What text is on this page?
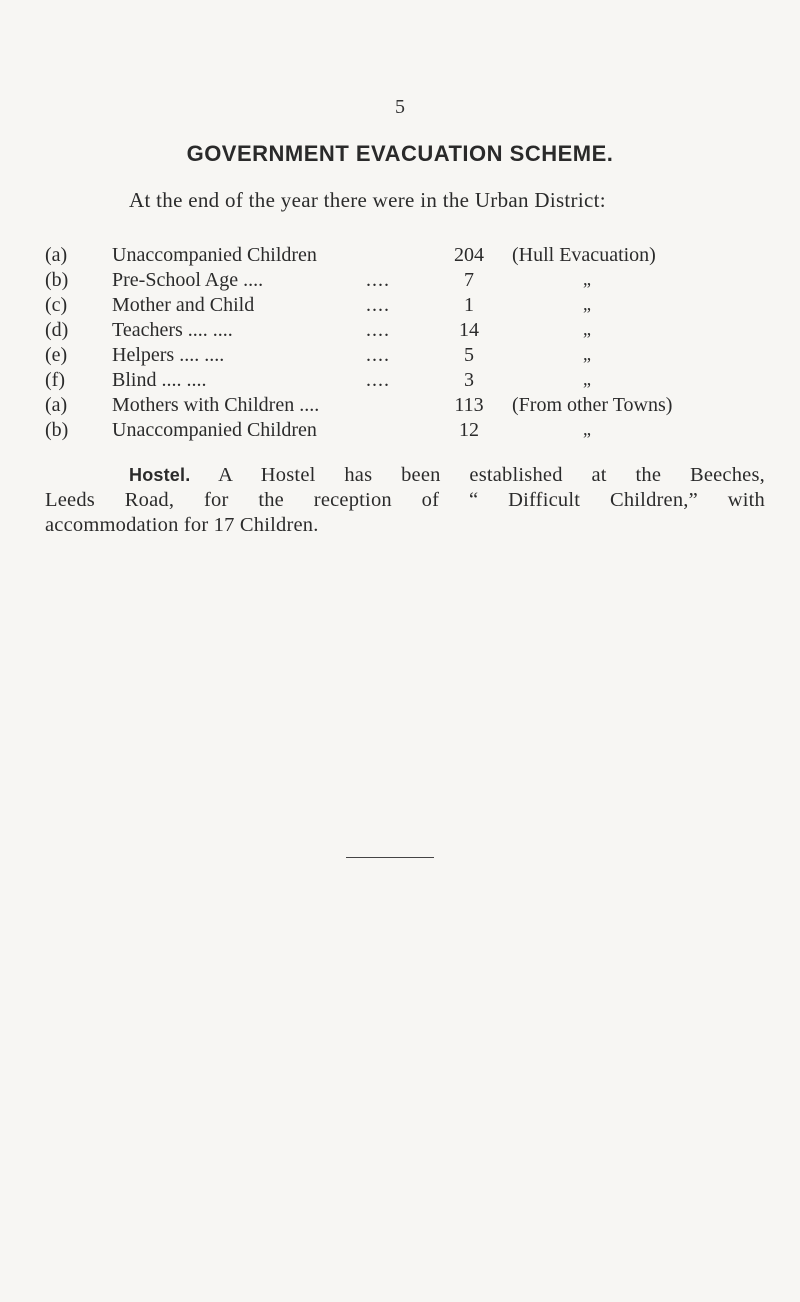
5
GOVERNMENT EVACUATION SCHEME.
At the end of the year there were in the Urban District:
(a)	Unaccompanied Children	204	(Hull Evacuation)
(b)	Pre-School Age ....	....	7	„
(c)	Mother and Child	....	1	„
(d)	Teachers .... ....	....	14	„
(e)	Helpers .... ....	....	5	„
(f)	Blind .... ....	....	3	„
(a)	Mothers with Children ....	113	(From other Towns)
(b)	Unaccompanied Children	12	„
Hostel. A Hostel has been established at the Beeches,
Leeds Road, for the reception of “ Difficult Children,” with
accommodation for 17 Children.
